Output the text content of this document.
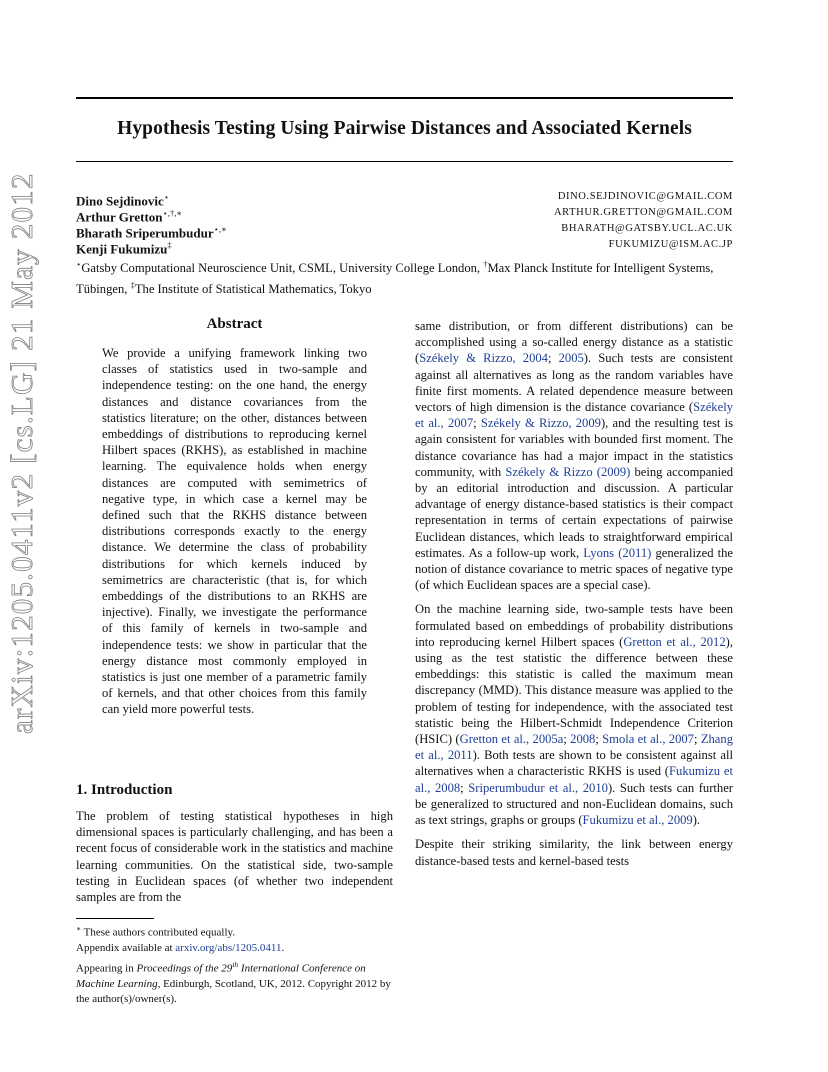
arXiv:1205.0411v2 [cs.LG] 21 May 2012
Hypothesis Testing Using Pairwise Distances and Associated Kernels
Dino Sejdinovic⋆	DINO.SEJDINOVIC@GMAIL.COM
Arthur Gretton⋆,†,∗	ARTHUR.GRETTON@GMAIL.COM
Bharath Sriperumbudur⋆,∗	BHARATH@GATSBY.UCL.AC.UK
Kenji Fukumizu‡	FUKUMIZU@ISM.AC.JP
⋆Gatsby Computational Neuroscience Unit, CSML, University College London, †Max Planck Institute for Intelligent Systems, Tübingen, ‡The Institute of Statistical Mathematics, Tokyo
Abstract
We provide a unifying framework linking two classes of statistics used in two-sample and independence testing: on the one hand, the energy distances and distance covariances from the statistics literature; on the other, distances between embeddings of distributions to reproducing kernel Hilbert spaces (RKHS), as established in machine learning. The equivalence holds when energy distances are computed with semimetrics of negative type, in which case a kernel may be defined such that the RKHS distance between distributions corresponds exactly to the energy distance. We determine the class of probability distributions for which kernels induced by semimetrics are characteristic (that is, for which embeddings of the distributions to an RKHS are injective). Finally, we investigate the performance of this family of kernels in two-sample and independence tests: we show in particular that the energy distance most commonly employed in statistics is just one member of a parametric family of kernels, and that other choices from this family can yield more powerful tests.
1. Introduction
The problem of testing statistical hypotheses in high dimensional spaces is particularly challenging, and has been a recent focus of considerable work in the statistics and machine learning communities. On the statistical side, two-sample testing in Euclidean spaces (of whether two independent samples are from the
∗ These authors contributed equally.
Appendix available at arxiv.org/abs/1205.0411.
Appearing in Proceedings of the 29th International Conference on Machine Learning, Edinburgh, Scotland, UK, 2012. Copyright 2012 by the author(s)/owner(s).

same distribution, or from different distributions) can be accomplished using a so-called energy distance as a statistic (Székely & Rizzo, 2004; 2005). Such tests are consistent against all alternatives as long as the random variables have finite first moments. A related dependence measure between vectors of high dimension is the distance covariance (Székely et al., 2007; Székely & Rizzo, 2009), and the resulting test is again consistent for variables with bounded first moment. The distance covariance has had a major impact in the statistics community, with Székely & Rizzo (2009) being accompanied by an editorial introduction and discussion. A particular advantage of energy distance-based statistics is their compact representation in terms of certain expectations of pairwise Euclidean distances, which leads to straightforward empirical estimates. As a follow-up work, Lyons (2011) generalized the notion of distance covariance to metric spaces of negative type (of which Euclidean spaces are a special case).

On the machine learning side, two-sample tests have been formulated based on embeddings of probability distributions into reproducing kernel Hilbert spaces (Gretton et al., 2012), using as the test statistic the difference between these embeddings: this statistic is called the maximum mean discrepancy (MMD). This distance measure was applied to the problem of testing for independence, with the associated test statistic being the Hilbert-Schmidt Independence Criterion (HSIC) (Gretton et al., 2005a; 2008; Smola et al., 2007; Zhang et al., 2011). Both tests are shown to be consistent against all alternatives when a characteristic RKHS is used (Fukumizu et al., 2008; Sriperumbudur et al., 2010). Such tests can further be generalized to structured and non-Euclidean domains, such as text strings, graphs or groups (Fukumizu et al., 2009).

Despite their striking similarity, the link between energy distance-based tests and kernel-based tests
